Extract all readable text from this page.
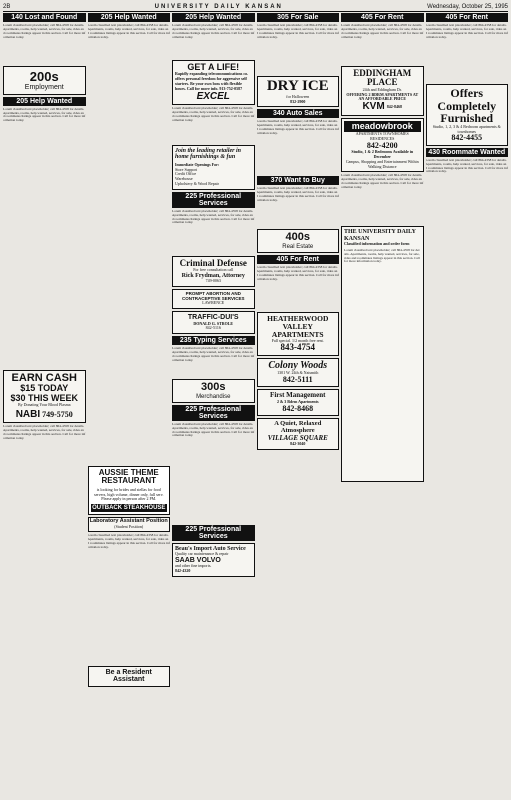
2B	UNIVERSITY DAILY KANSAN	Wednesday, October 25, 1995
140 Lost and Found
Lorem classified text placeholder; call 864-4358 for details. Apartments, rooms, help wanted, services, for sale, rides and roommates listings appear in this section. Call for more information today.
200s
Employment
205 Help Wanted
Lorem classified text placeholder; call 864-4358 for details. Apartments, rooms, help wanted, services, for sale, rides and roommates listings appear in this section. Call for more information today.
EARN CASH
$15 TODAY
$30 THIS WEEK
By Donating Your Blood Plasma
NABI 749-5750
Lorem classified text placeholder; call 864-4358 for details. Apartments, rooms, help wanted, services, for sale, rides and roommates listings appear in this section. Call for more information today.
205 Help Wanted
Lorem classified text placeholder; call 864-4358 for details. Apartments, rooms, help wanted, services, for sale, rides and roommates listings appear in this section. Call for more information today.
AUSSIE THEME RESTAURANT
is looking for brides and stellas for food servers, high volume, dinner only, full serv. Please apply in person after 2 PM.
OUTBACK STEAKHOUSE
Laboratory Assistant Position
(Student Position)
Lorem classified text placeholder; call 864-4358 for details. Apartments, rooms, help wanted, services, for sale, rides and roommates listings appear in this section. Call for more information today.
Be a Resident Assistant
205 Help Wanted
Lorem classified text placeholder; call 864-4358 for details. Apartments, rooms, help wanted, services, for sale, rides and roommates listings appear in this section. Call for more information today.
GET A LIFE!
Rapidly expanding telecommunications co. offers personal freedom for aggressive self starters. Be your own boss with flexible hours. Call for more info. 913-752-0587
EXCEL
Lorem classified text placeholder; call 864-4358 for details. Apartments, rooms, help wanted, services, for sale, rides and roommates listings appear in this section. Call for more information today.
Join the leading retailer in home furnishings & fun
Immediate Openings For:
Store Support
Credit Office
Warehouse
Upholstery & Wood Repair
225 Professional Services
Lorem classified text placeholder; call 864-4358 for details. Apartments, rooms, help wanted, services, for sale, rides and roommates listings appear in this section. Call for more information today.
Criminal Defense
For free consultation call
Rick Frydman, Attorney
749-0063
PROMPT ABORTION AND CONTRACEPTIVE SERVICES
LAWRENCE
TRAFFIC-DUI'S
DONALD G. STROLE
842-5116
235 Typing Services
Lorem classified text placeholder; call 864-4358 for details. Apartments, rooms, help wanted, services, for sale, rides and roommates listings appear in this section. Call for more information today.
300s
Merchandise
225 Professional Services
Lorem classified text placeholder; call 864-4358 for details. Apartments, rooms, help wanted, services, for sale, rides and roommates listings appear in this section. Call for more information today.
225 Professional Services
Beau's Import Auto Service
Quality car maintenance & repair
SAAB VOLVO
and other fine imports.
842-4320
305 For Sale
Lorem classified text placeholder; call 864-4358 for details. Apartments, rooms, help wanted, services, for sale, rides and roommates listings appear in this section. Call for more information today.
DRY ICE
for Halloween
832-2900
340 Auto Sales
Lorem classified text placeholder; call 864-4358 for details. Apartments, rooms, help wanted, services, for sale, rides and roommates listings appear in this section. Call for more information today.
370 Want to Buy
Lorem classified text placeholder; call 864-4358 for details. Apartments, rooms, help wanted, services, for sale, rides and roommates listings appear in this section. Call for more information today.
400s
Real Estate
405 For Rent
Lorem classified text placeholder; call 864-4358 for details. Apartments, rooms, help wanted, services, for sale, rides and roommates listings appear in this section. Call for more information today.
HEATHERWOOD VALLEY APARTMENTS
Fall special. 1/2 month free rent.
843-4754
Colony Woods
1301 W. 24th & Naismith
842-5111
First Management
2 & 3 Bdrm Apartments
842-8468
A Quiet, Relaxed Atmosphere
VILLAGE SQUARE
842-3040
405 For Rent
Lorem classified text placeholder; call 864-4358 for details. Apartments, rooms, help wanted, services, for sale, rides and roommates listings appear in this section. Call for more information today.
EDDINGHAM PLACE
24th and Eddingham Dr.
OFFERING 2 BDRM APARTMENTS AT AN AFFORDABLE PRICE
KVM 842-8468
meadowbrook
APARTMENTS TOWNHOMES RESIDENCES
842-4200
Studio, 1 & 2 Bedrooms Available in December
Campus, Shopping and Entertainment Within Walking Distance
Lorem classified text placeholder; call 864-4358 for details. Apartments, rooms, help wanted, services, for sale, rides and roommates listings appear in this section. Call for more information today.
THE UNIVERSITY DAILY KANSAN
Classified information and order form
Lorem classified text placeholder; call 864-4358 for details. Apartments, rooms, help wanted, services, for sale, rides and roommates listings appear in this section. Call for more information today.
405 For Rent
Lorem classified text placeholder; call 864-4358 for details. Apartments, rooms, help wanted, services, for sale, rides and roommates listings appear in this section. Call for more information today.
Offers Completely Furnished
Studio, 1, 2, 3 & 4 Bedroom apartments & townhomes
842-4455
430 Roommate Wanted
Lorem classified text placeholder; call 864-4358 for details. Apartments, rooms, help wanted, services, for sale, rides and roommates listings appear in this section. Call for more information today.
